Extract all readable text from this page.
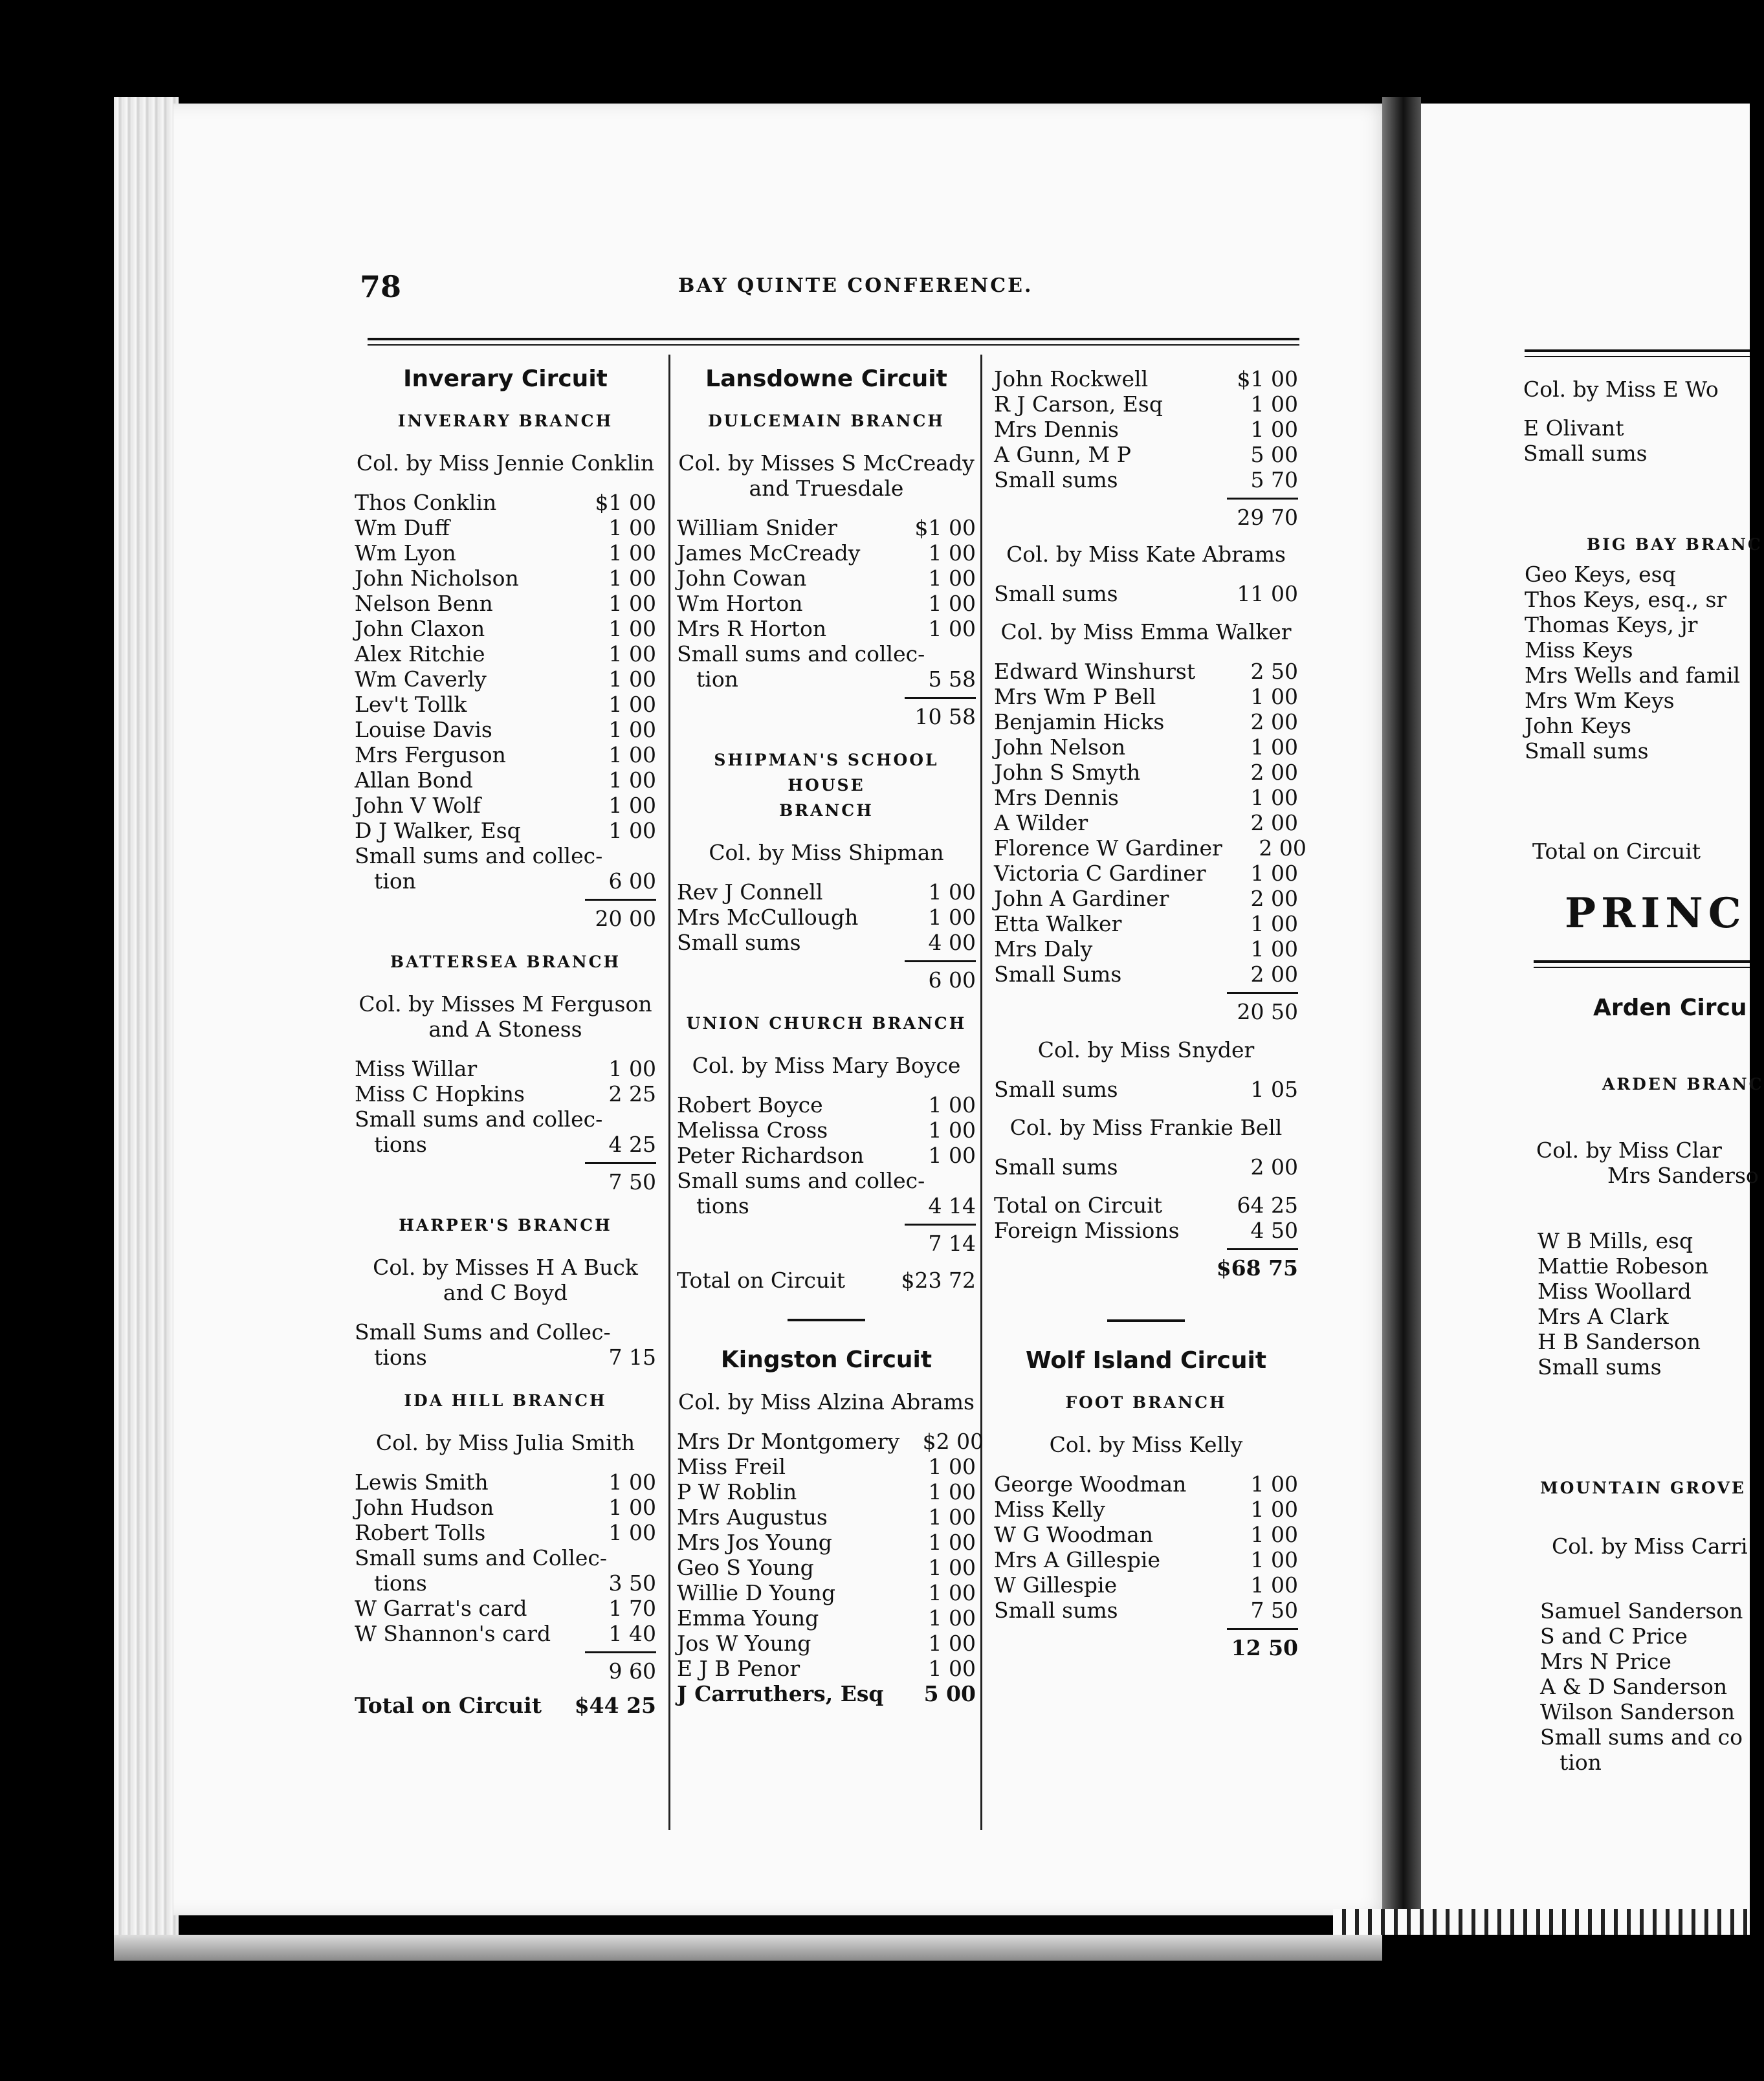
78	BAY QUINTE CONFERENCE.
Inverary Circuit
INVERARY BRANCH
Col. by Miss Jennie Conklin
Thos Conklin	$1 00
Wm Duff	1 00
Wm Lyon	1 00
John Nicholson	1 00
Nelson Benn	1 00
John Claxon	1 00
Alex Ritchie	1 00
Wm Caverly	1 00
Lev't Tollk	1 00
Louise Davis	1 00
Mrs Ferguson	1 00
Allan Bond	1 00
John V Wolf	1 00
D J Walker, Esq	1 00
Small sums and collec-
tion	6 00
20 00
BATTERSEA BRANCH
Col. by Misses M Ferguson
and A Stoness
Miss Willar	1 00
Miss C Hopkins	2 25
Small sums and collec-
tions	4 25
7 50
HARPER'S BRANCH
Col. by Misses H A Buck
and C Boyd
Small Sums and Collec-
tions	7 15
IDA HILL BRANCH
Col. by Miss Julia Smith
Lewis Smith	1 00
John Hudson	1 00
Robert Tolls	1 00
Small sums and Collec-
tions	3 50
W Garrat's card	1 70
W Shannon's card	1 40
9 60
Total on Circuit	$44 25
Lansdowne Circuit
DULCEMAIN BRANCH
Col. by Misses S McCready
and Truesdale
William Snider	$1 00
James McCready	1 00
John Cowan	1 00
Wm Horton	1 00
Mrs R Horton	1 00
Small sums and collec-
tion	5 58
10 58
SHIPMAN'S SCHOOL HOUSE
BRANCH
Col. by Miss Shipman
Rev J Connell	1 00
Mrs McCullough	1 00
Small sums	4 00
6 00
UNION CHURCH BRANCH
Col. by Miss Mary Boyce
Robert Boyce	1 00
Melissa Cross	1 00
Peter Richardson	1 00
Small sums and collec-
tions	4 14
7 14
Total on Circuit	$23 72
Kingston Circuit
Col. by Miss Alzina Abrams
Mrs Dr Montgomery	$2 00
Miss Freil	1 00
P W Roblin	1 00
Mrs Augustus	1 00
Mrs Jos Young	1 00
Geo S Young	1 00
Willie D Young	1 00
Emma Young	1 00
Jos W Young	1 00
E J B Penor	1 00
J Carruthers, Esq	5 00
John Rockwell	$1 00
R J Carson, Esq	1 00
Mrs Dennis	1 00
A Gunn, M P	5 00
Small sums	5 70
29 70
Col. by Miss Kate Abrams
Small sums	11 00
Col. by Miss Emma Walker
Edward Winshurst	2 50
Mrs Wm P Bell	1 00
Benjamin Hicks	2 00
John Nelson	1 00
John S Smyth	2 00
Mrs Dennis	1 00
A Wilder	2 00
Florence W Gardiner	2 00
Victoria C Gardiner	1 00
John A Gardiner	2 00
Etta Walker	1 00
Mrs Daly	1 00
Small Sums	2 00
20 50
Col. by Miss Snyder
Small sums	1 05
Col. by Miss Frankie Bell
Small sums	2 00
Total on Circuit	64 25
Foreign Missions	4 50
$68 75
Wolf Island Circuit
FOOT BRANCH
Col. by Miss Kelly
George Woodman	1 00
Miss Kelly	1 00
W G Woodman	1 00
Mrs A Gillespie	1 00
W Gillespie	1 00
Small sums	7 50
12 50
Col. by Miss E Wo
E Olivant
Small sums
BIG BAY BRANC
Geo Keys, esq
Thos Keys, esq., sr
Thomas Keys, jr
Miss Keys
Mrs Wells and famil
Mrs Wm Keys
John Keys
Small sums
Total on Circuit
PRINC
Arden Circu
ARDEN BRANC
Col. by Miss Clar
Mrs Sanderso
W B Mills, esq
Mattie Robeson
Miss Woollard
Mrs A Clark
H B Sanderson
Small sums
MOUNTAIN GROVE
Col. by Miss Carri
Samuel Sanderson
S and C Price
Mrs N Price
A & D Sanderson
Wilson Sanderson
Small sums and co
tion
